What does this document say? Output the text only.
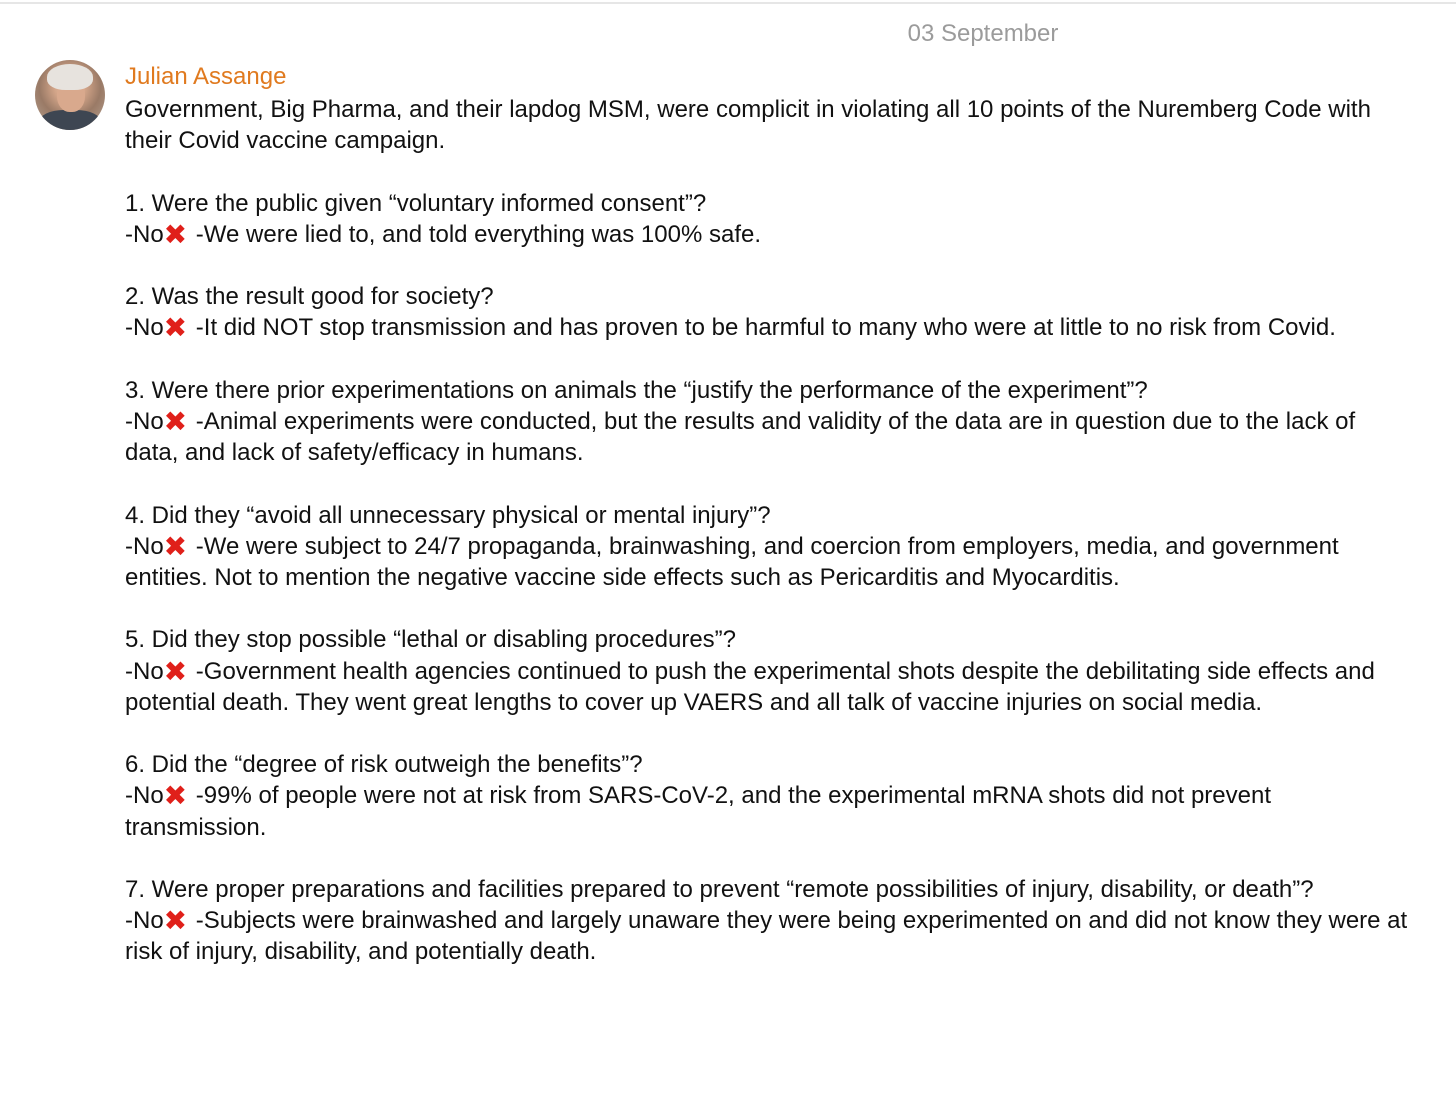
03 September
Julian Assange

Government, Big Pharma, and their lapdog MSM, were complicit in violating all 10 points of the Nuremberg Code with their Covid vaccine campaign.

1. Were the public given “voluntary informed consent”?
-No✖ -We were lied to, and told everything was 100% safe.

2. Was the result good for society?
-No✖ -It did NOT stop transmission and has proven to be harmful to many who were at little to no risk from Covid.

3. Were there prior experimentations on animals the “justify the performance of the experiment”?
-No✖ -Animal experiments were conducted, but the results and validity of the data are in question due to the lack of data, and lack of safety/efficacy in humans.

4. Did they “avoid all unnecessary physical or mental injury”?
-No✖ -We were subject to 24/7 propaganda, brainwashing, and coercion from employers, media, and government entities. Not to mention the negative vaccine side effects such as Pericarditis and Myocarditis.

5. Did they stop possible “lethal or disabling procedures”?
-No✖ -Government health agencies continued to push the experimental shots despite the debilitating side effects and potential death. They went great lengths to cover up VAERS and all talk of vaccine injuries on social media.

6. Did the “degree of risk outweigh the benefits”?
-No✖ -99% of people were not at risk from SARS-CoV-2, and the experimental mRNA shots did not prevent transmission.

7. Were proper preparations and facilities prepared to prevent “remote possibilities of injury, disability, or death”?
-No✖ -Subjects were brainwashed and largely unaware they were being experimented on and did not know they were at risk of injury, disability, and potentially death.
